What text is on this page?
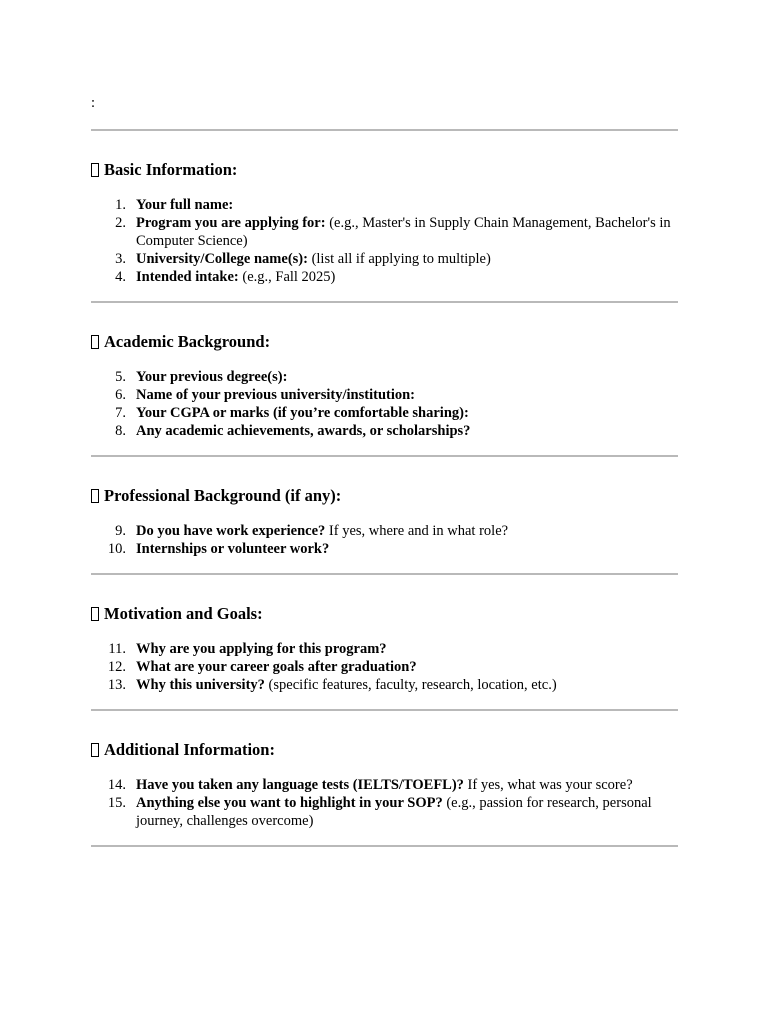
:

Basic Information:
1. Your full name:
2. Program you are applying for: (e.g., Master's in Supply Chain Management, Bachelor's in Computer Science)
3. University/College name(s): (list all if applying to multiple)
4. Intended intake: (e.g., Fall 2025)
Academic Background:
5. Your previous degree(s):
6. Name of your previous university/institution:
7. Your CGPA or marks (if you’re comfortable sharing):
8. Any academic achievements, awards, or scholarships?
Professional Background (if any):
9. Do you have work experience? If yes, where and in what role?
10. Internships or volunteer work?
Motivation and Goals:
11. Why are you applying for this program?
12. What are your career goals after graduation?
13. Why this university? (specific features, faculty, research, location, etc.)
Additional Information:
14. Have you taken any language tests (IELTS/TOEFL)? If yes, what was your score?
15. Anything else you want to highlight in your SOP? (e.g., passion for research, personal journey, challenges overcome)
